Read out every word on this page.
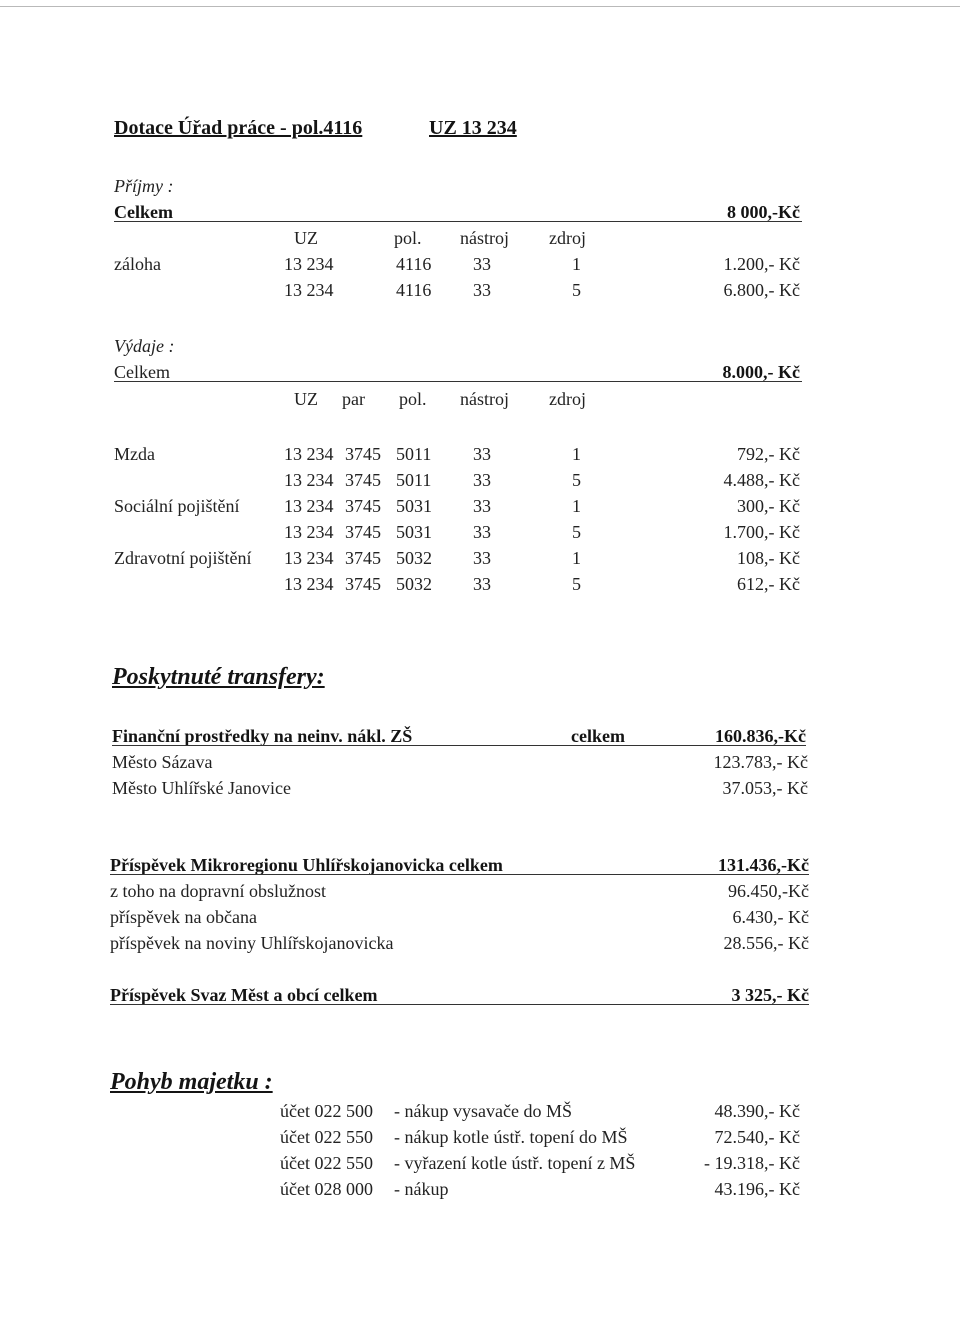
Dotace Úřad práce - pol.4116	UZ 13 234
Příjmy :
Celkem	8 000,-Kč
UZ	pol. nástroj zdroj
záloha	13 234	4116 33	1	1.200,- Kč
13 234	4116 33	5	6.800,- Kč
Výdaje :
Celkem	8.000,- Kč
UZ par pol. nástroj zdroj
Mzda	13 234 3745 5011 33	1	792,- Kč
13 234 3745 5011 33	5	4.488,- Kč
Sociální pojištění 13 234 3745 5031 33	1	300,- Kč
13 234 3745 5031 33	5	1.700,- Kč
Zdravotní pojištění 13 234 3745 5032 33	1	108,- Kč
13 234 3745 5032 33	5	612,- Kč
Poskytnuté transfery:
Finanční prostředky na neinv. nákl. ZŠ	celkem	160.836,-Kč
Město Sázava	123.783,- Kč
Město Uhlířské Janovice	37.053,- Kč
Příspěvek Mikroregionu Uhlířskojanovicka celkem	131.436,-Kč
z toho na dopravní obslužnost	96.450,-Kč
příspěvek na občana	6.430,- Kč
příspěvek na noviny Uhlířskojanovicka	28.556,- Kč
Příspěvek Svaz Měst a obcí celkem	3 325,- Kč
Pohyb majetku :
účet 022 500 - nákup vysavače do MŠ	48.390,- Kč
účet 022 550 - nákup kotle ústř. topení do MŠ	72.540,- Kč
účet 022 550 - vyřazení kotle ústř. topení z MŠ	- 19.318,- Kč
účet 028 000 - nákup	43.196,- Kč
